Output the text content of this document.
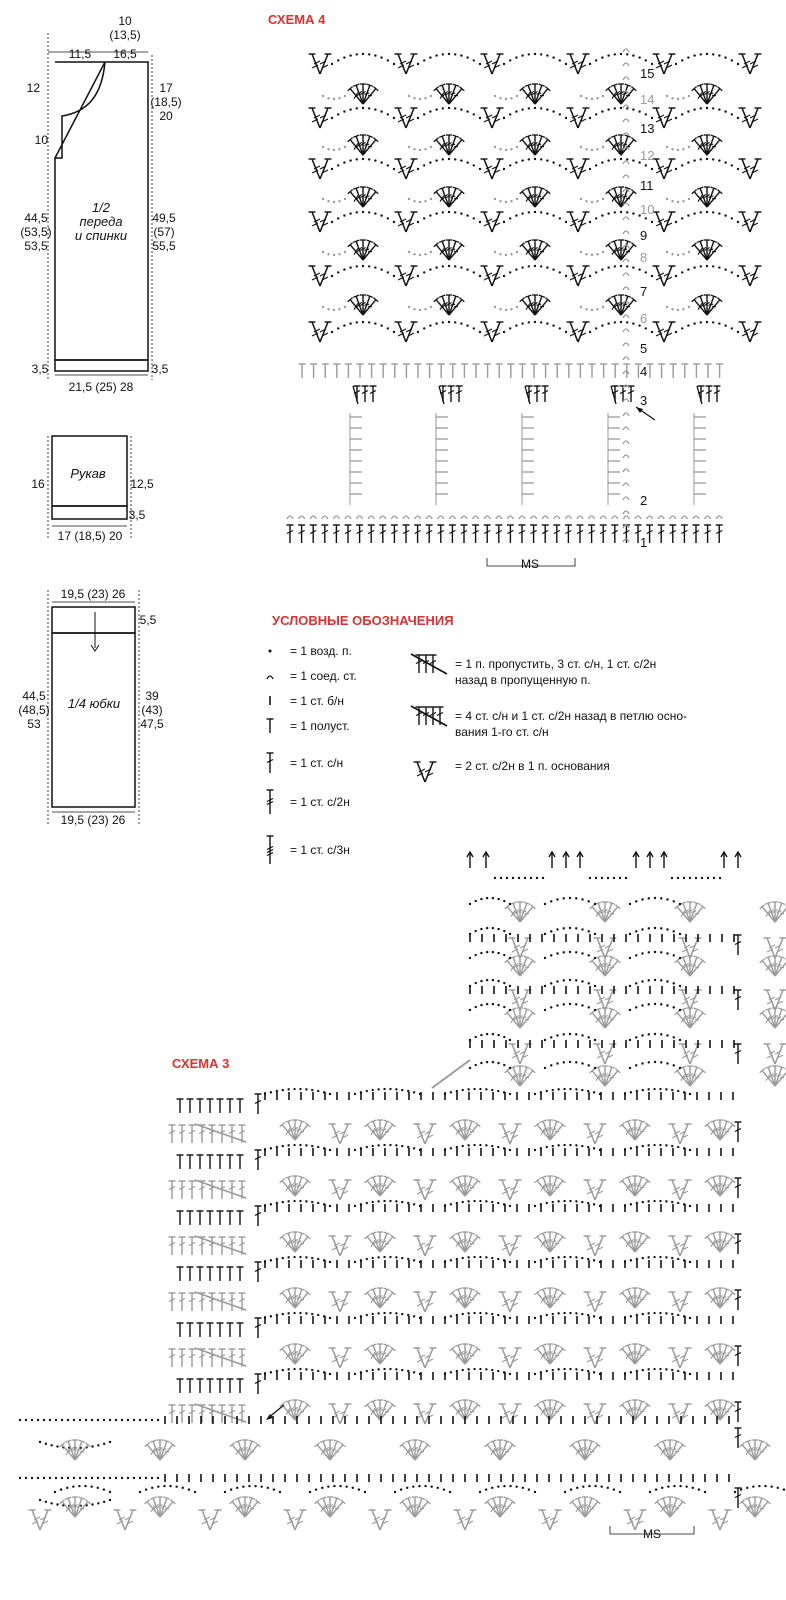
10 (13,5)
11,5 16,5
12
10
44,5 (53,5) 53,5
17 (18,5) 20
49,5 (57) 55,5
1/2 переда и спинки
3,5	3,5
21,5 (25) 28
Рукав
16	12,5
3,5
17 (18,5) 20
19,5 (23) 26
5,5
1/4 юбки
44,5 (48,5) 53
39 (43) 47,5
19,5 (23) 26
СХЕМА 4
1
2
3
4
5
6
7
8
9
10
11
12
13
14
15
MS
УСЛОВНЫЕ ОБОЗНАЧЕНИЯ
= 1 возд. п.
= 1 соед. ст.
= 1 ст. б/н
= 1 полуст.
= 1 ст. с/н
= 1 ст. с/2н
= 1 ст. с/3н
= 1 п. пропустить, 3 ст. с/н, 1 ст. с/2н назад в пропущенную п.
= 4 ст. с/н и 1 ст. с/2н назад в петлю осно-вания 1-го ст. с/н
= 2 ст. с/2н в 1 п. основания
СХЕМА 3
MS
